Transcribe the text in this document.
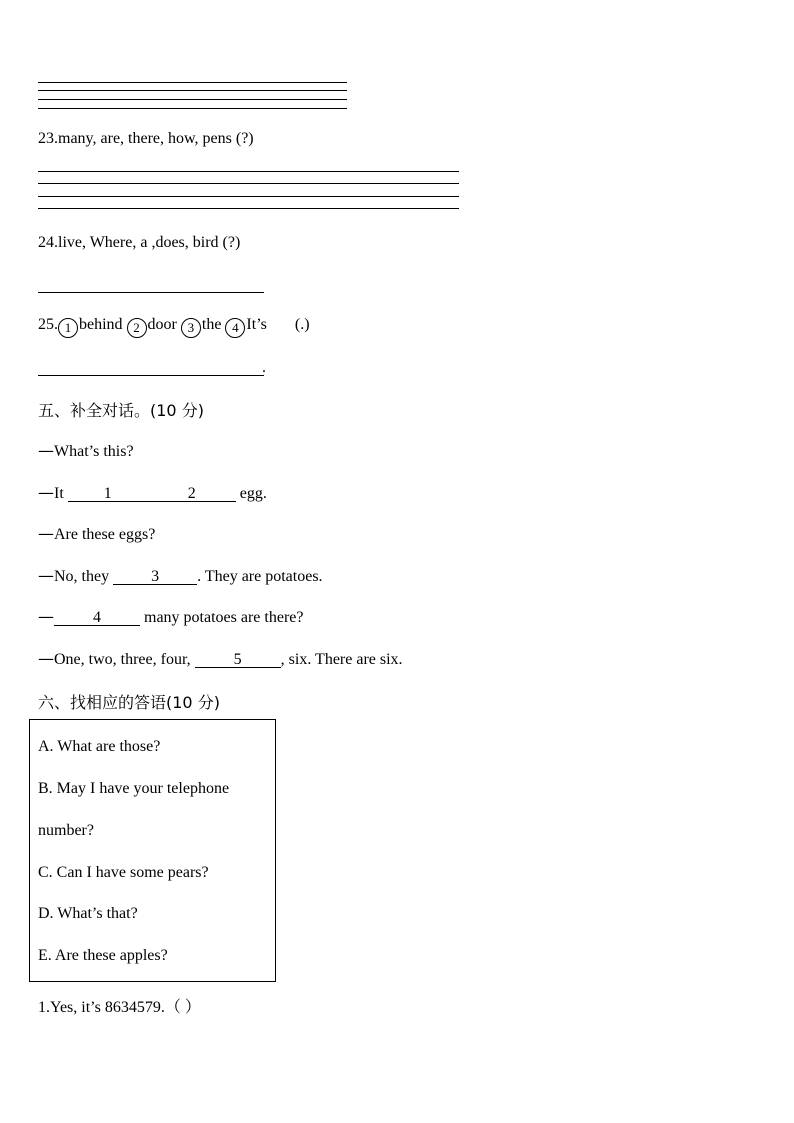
23.many, are, there, how, pens (?)
24.live, Where, a ,does, bird (?)
25. 1 behind 2 door 3 the 4 It’s (.)
.
五、补全对话。(10 分)
—What’s this?
—It 1	2	egg.
—Are these eggs?
—No, they 3 . They are potatoes.
— 4 many potatoes are there?
—One, two, three, four, 5 , six. There are six.
六、找相应的答语(10 分)
A. What are those?
B. May I have your telephone
number?
C. Can I have some pears?
D. What’s that?
E. Are these apples?
1.Yes, it’s 8634579.（ ）
